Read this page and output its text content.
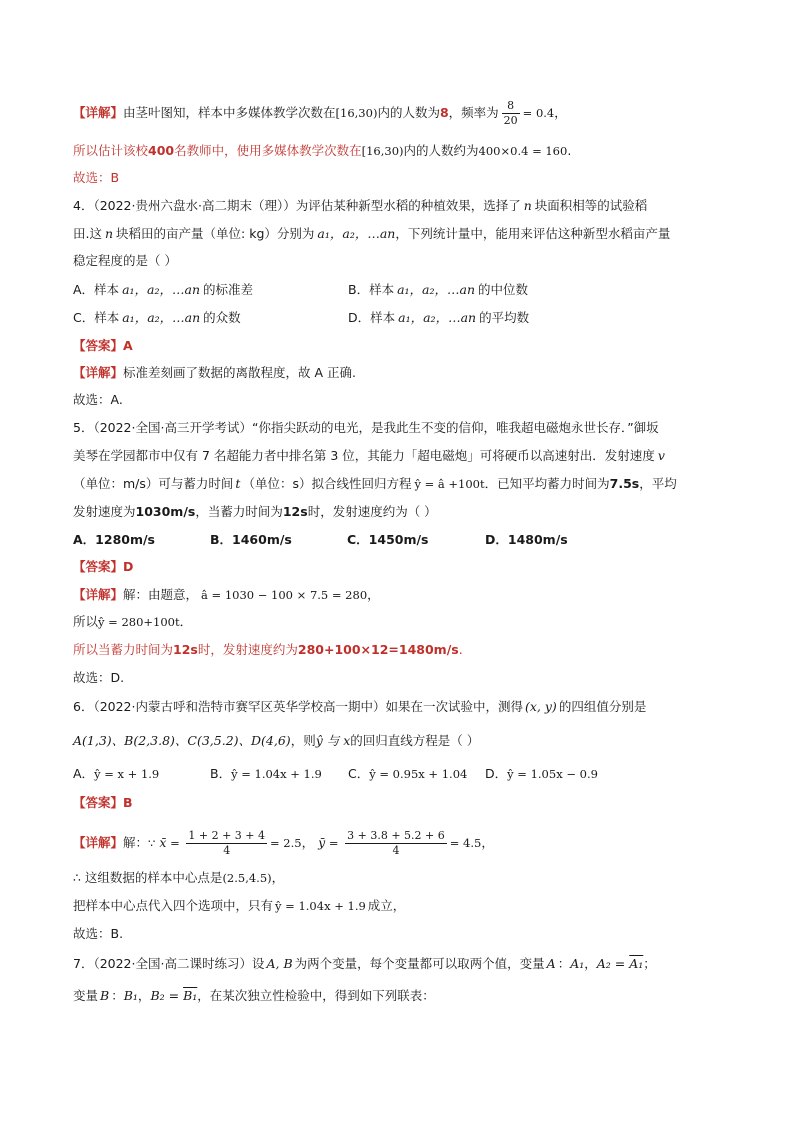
【详解】由茎叶图知，样本中多媒体教学次数在[16,30)内的人数为8，频率为 $\frac{8}{20} = 0.4$，
所以估计该校400名教师中，使用多媒体教学次数在[16,30)内的人数约为400×0.4 = 160.
故选：B
4．（2022·贵州六盘水·高二期末（理））为评估某种新型水稻的种植效果，选择了 n 块面积相等的试验稻
田.这 n 块稻田的亩产量（单位: kg）分别为 a₁，a₂，…an，下列统计量中，能用来评估这种新型水稻亩产量
稳定程度的是（ ）
A．样本 a₁，a₂，…an 的标准差	B．样本 a₁，a₂，…an 的中位数
C．样本 a₁，a₂，…an 的众数	D．样本 a₁，a₂，…an 的平均数
【答案】A
【详解】标准差刻画了数据的离散程度，故 A 正确.
故选：A.
5．（2022·全国·高三开学考试）“你指尖跃动的电光，是我此生不变的信仰，唯我超电磁炮永世长存．”御坂
美琴在学园都市中仅有 7 名超能力者中排名第 3 位，其能力「超电磁炮」可将硬币以高速射出．发射速度 v
（单位：m/s）可与蓄力时间 t （单位：s）拟合线性回归方程 ŷ = â +100t．已知平均蓄力时间为7.5s，平均
发射速度为1030m/s，当蓄力时间为12s时，发射速度约为（ ）
A．1280m/s	B．1460m/s	C．1450m/s	D．1480m/s
【答案】D
【详解】解：由题意， â = 1030 − 100 × 7.5 = 280，
所以ŷ = 280+100t．
所以当蓄力时间为12s时，发射速度约为280+100×12=1480m/s.
故选：D.
6．（2022·内蒙古呼和浩特市赛罕区英华学校高一期中）如果在一次试验中，测得 (x, y) 的四组值分别是
A(1,3)、B(2,3.8)、C(3,5.2)、D(4,6)，则ŷ 与 x的回归直线方程是（ ）
A．ŷ = x + 1.9	B．ŷ = 1.04x + 1.9 C．ŷ = 0.95x + 1.04 D．ŷ = 1.05x − 0.9
【答案】B
【详解】解：∵ x̄ = $\frac{1 + 2 + 3 + 4}{4} = 2.5$， ȳ = $\frac{3 + 3.8 + 5.2 + 6}{4} = 4.5$，
∴ 这组数据的样本中心点是(2.5,4.5)，
把样本中心点代入四个选项中，只有 ŷ = 1.04x + 1.9 成立，
故选：B.
7．（2022·全国·高二课时练习）设 A, B 为两个变量，每个变量都可以取两个值，变量 A ：A₁，A₂ = A₁；
变量 B ：B₁，B₂ = B₁，在某次独立性检验中，得到如下列联表：
